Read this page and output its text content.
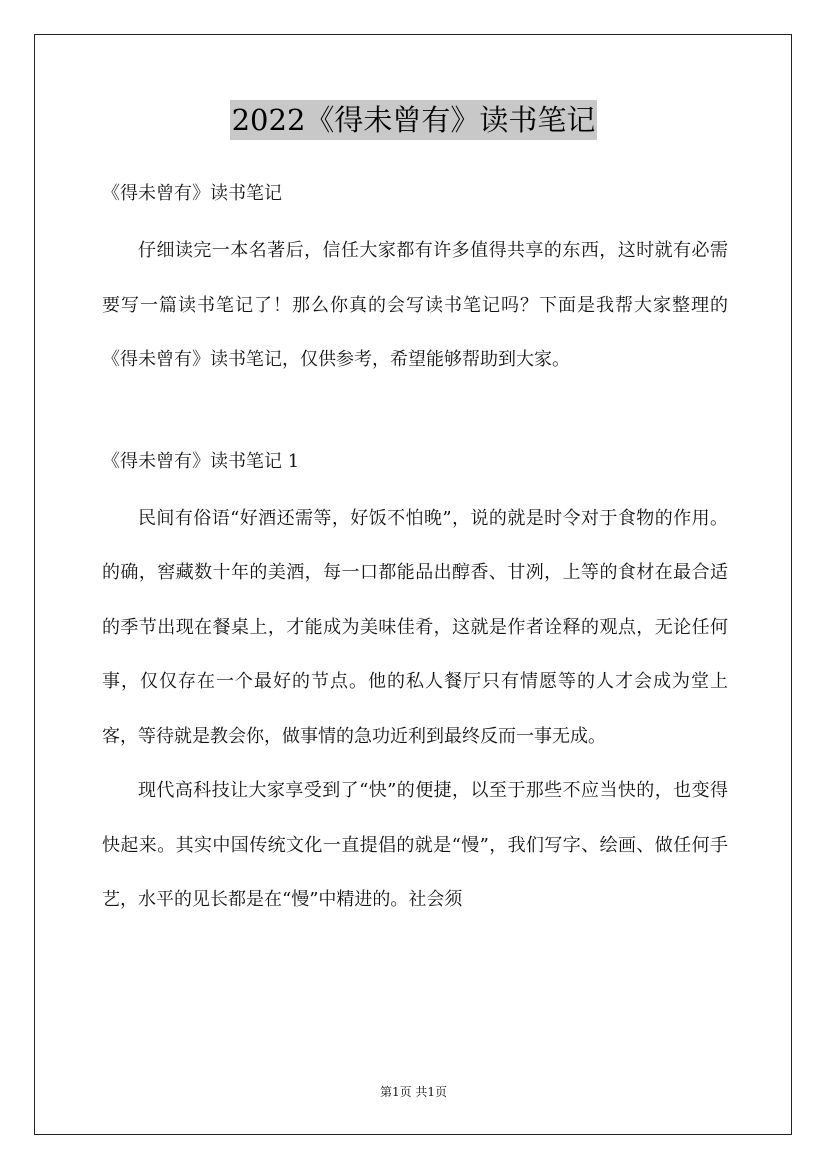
2022《得未曾有》读书笔记

《得未曾有》读书笔记

仔细读完一本名著后，信任大家都有许多值得共享的东西，这时就有必需要写一篇读书笔记了！那么你真的会写读书笔记吗？下面是我帮大家整理的《得未曾有》读书笔记，仅供参考，希望能够帮助到大家。

《得未曾有》读书笔记 1

民间有俗语“好酒还需等，好饭不怕晚”，说的就是时令对于食物的作用。的确，窖藏数十年的美酒，每一口都能品出醇香、甘冽，上等的食材在最合适的季节出现在餐桌上，才能成为美味佳肴，这就是作者诠释的观点，无论任何事，仅仅存在一个最好的节点。他的私人餐厅只有情愿等的人才会成为堂上客，等待就是教会你，做事情的急功近利到最终反而一事无成。

现代高科技让大家享受到了“快”的便捷，以至于那些不应当快的，也变得快起来。其实中国传统文化一直提倡的就是“慢”，我们写字、绘画、做任何手艺，水平的见长都是在“慢”中精进的。社会须

第1页 共1页
